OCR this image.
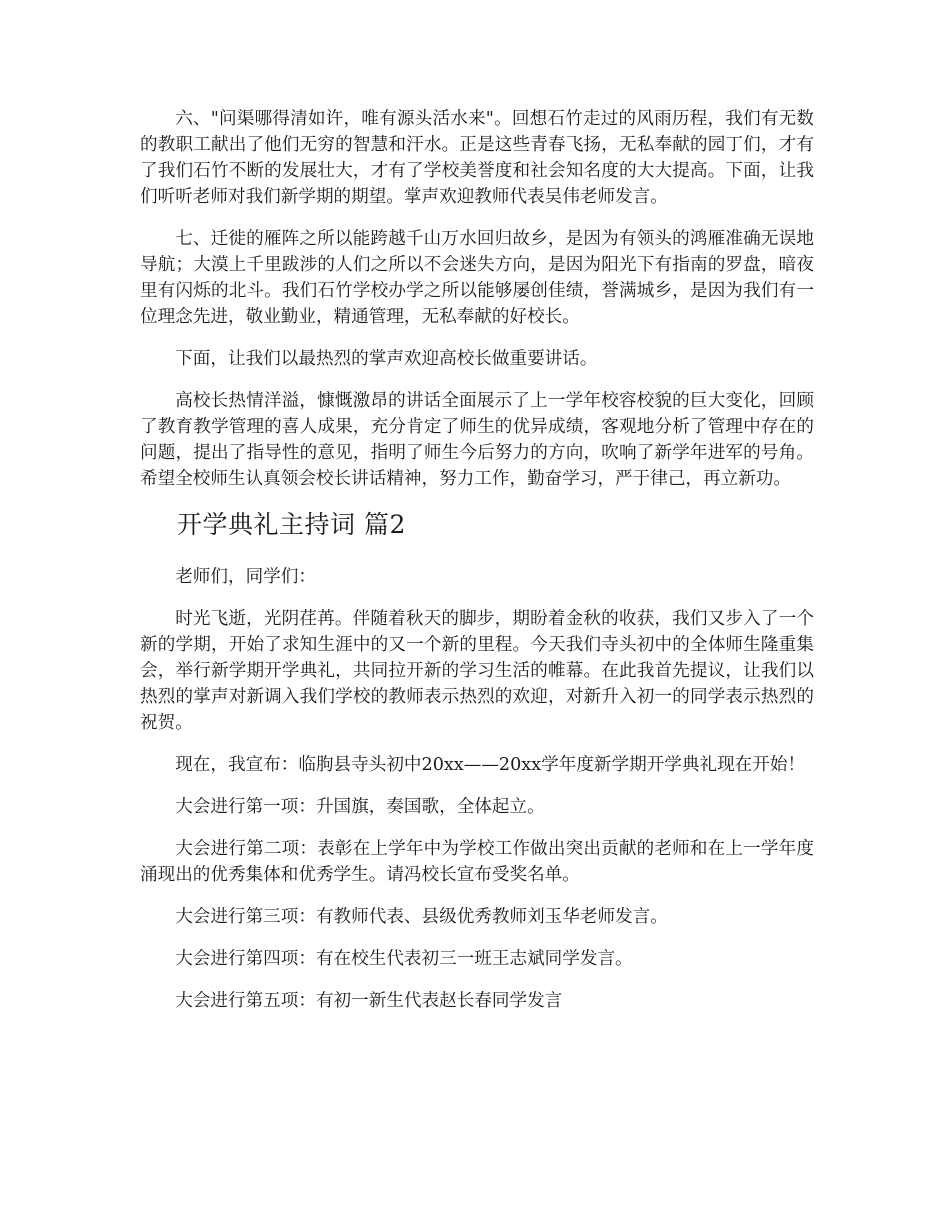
六、"问渠哪得清如许，唯有源头活水来"。回想石竹走过的风雨历程，我们有无数的教职工献出了他们无穷的智慧和汗水。正是这些青春飞扬，无私奉献的园丁们，才有了我们石竹不断的发展壮大，才有了学校美誉度和社会知名度的大大提高。下面，让我们听听老师对我们新学期的期望。掌声欢迎教师代表吴伟老师发言。

七、迁徙的雁阵之所以能跨越千山万水回归故乡，是因为有领头的鸿雁准确无误地导航；大漠上千里跋涉的人们之所以不会迷失方向，是因为阳光下有指南的罗盘，暗夜里有闪烁的北斗。我们石竹学校办学之所以能够屡创佳绩，誉满城乡，是因为我们有一位理念先进，敬业勤业，精通管理，无私奉献的好校长。

下面，让我们以最热烈的掌声欢迎高校长做重要讲话。

高校长热情洋溢，慷慨激昂的讲话全面展示了上一学年校容校貌的巨大变化，回顾了教育教学管理的喜人成果，充分肯定了师生的优异成绩，客观地分析了管理中存在的问题，提出了指导性的意见，指明了师生今后努力的方向，吹响了新学年进军的号角。希望全校师生认真领会校长讲话精神，努力工作，勤奋学习，严于律己，再立新功。

开学典礼主持词 篇2

老师们，同学们：

时光飞逝，光阴荏苒。伴随着秋天的脚步，期盼着金秋的收获，我们又步入了一个新的学期，开始了求知生涯中的又一个新的里程。今天我们寺头初中的全体师生隆重集会，举行新学期开学典礼，共同拉开新的学习生活的帷幕。在此我首先提议，让我们以热烈的掌声对新调入我们学校的教师表示热烈的欢迎，对新升入初一的同学表示热烈的祝贺。

现在，我宣布：临朐县寺头初中20xx——20xx学年度新学期开学典礼现在开始！

大会进行第一项：升国旗，奏国歌，全体起立。

大会进行第二项：表彰在上学年中为学校工作做出突出贡献的老师和在上一学年度涌现出的优秀集体和优秀学生。请冯校长宣布受奖名单。

大会进行第三项：有教师代表、县级优秀教师刘玉华老师发言。

大会进行第四项：有在校生代表初三一班王志斌同学发言。

大会进行第五项：有初一新生代表赵长春同学发言
